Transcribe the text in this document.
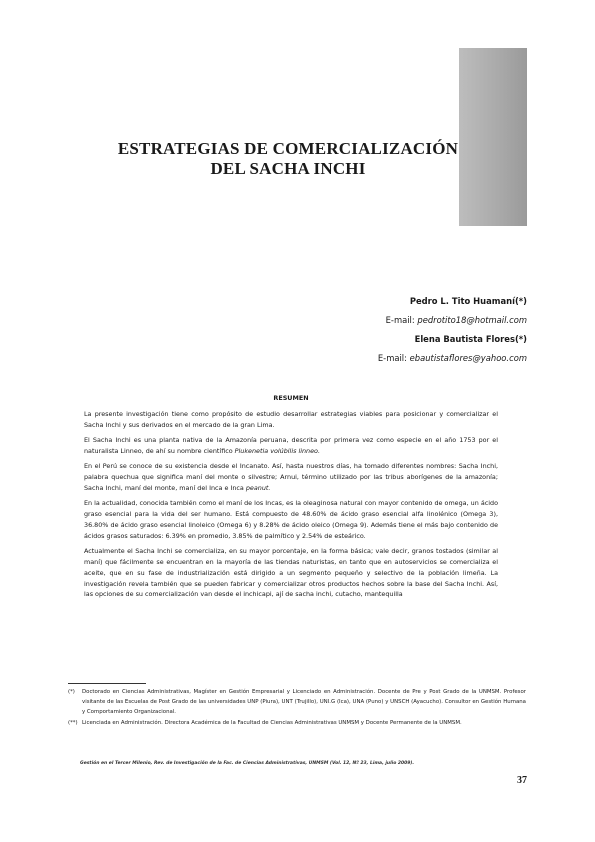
ESTRATEGIAS DE COMERCIALIZACIÓN
DEL SACHA INCHI
Pedro L. Tito Huamaní(*)
E-mail: pedrotito18@hotmail.com
Elena Bautista Flores(*)
E-mail: ebautistaflores@yahoo.com
RESUMEN

La presente investigación tiene como propósito de estudio desarrollar estrategias viables para posicionar y comercializar el Sacha Inchi y sus derivados en el mercado de la gran Lima.

El Sacha Inchi es una planta nativa de la Amazonía peruana, descrita por primera vez como especie en el año 1753 por el naturalista Linneo, de ahí su nombre científico Plukenetia volúbilis linneo.

En el Perú se conoce de su existencia desde el Incanato. Así, hasta nuestros días, ha tomado diferentes nombres: Sacha Inchi, palabra quechua que significa maní del monte o silvestre; Arnui, término utilizado por las tribus aborígenes de la amazonía; Sacha Inchi, maní del monte, maní del Inca e Inca peanut.

En la actualidad, conocida también como el maní de los Incas, es la oleaginosa natural con mayor contenido de omega, un ácido graso esencial para la vida del ser humano. Está compuesto de 48.60% de ácido graso esencial alfa linolénico (Omega 3), 36.80% de ácido graso esencial linoleico (Omega 6) y 8.28% de ácido oleico (Omega 9). Además tiene el más bajo contenido de ácidos grasos saturados: 6.39% en promedio, 3.85% de palmítico y 2.54% de esteárico.

Actualmente el Sacha Inchi se comercializa, en su mayor porcentaje, en la forma básica; vale decir, granos tostados (similar al maní) que fácilmente se encuentran en la mayoría de las tiendas naturistas, en tanto que en autoservicios se comercializa el aceite, que en su fase de industrialización está dirigido a un segmento pequeño y selectivo de la población limeña. La investigación revela también que se pueden fabricar y comercializar otros productos hechos sobre la base del Sacha Inchi. Así, las opciones de su comercialización van desde el inchicapi, ají de sacha inchi, cutacho, mantequilla

(*)	Doctorado en Ciencias Administrativas, Magíster en Gestión Empresarial y Licenciado en Administración. Docente de Pre y Post Grado de la UNMSM. Profesor visitante de las Escuelas de Post Grado de las universidades UNP (Piura), UNT (Trujillo), UNI.G (Ica), UNA (Puno) y UNSCH (Ayacucho). Consultor en Gestión Humana y Comportamiento Organizacional.
(**) Licenciada en Administración. Directora Académica de la Facultad de Ciencias Administrativas UNMSM y Docente Permanente de la UNMSM.
Gestión en el Tercer Milenio, Rev. de Investigación de la Fac. de Ciencias Administrativas, UNMSM (Vol. 12, Nº 23, Lima, julio 2009).
37
